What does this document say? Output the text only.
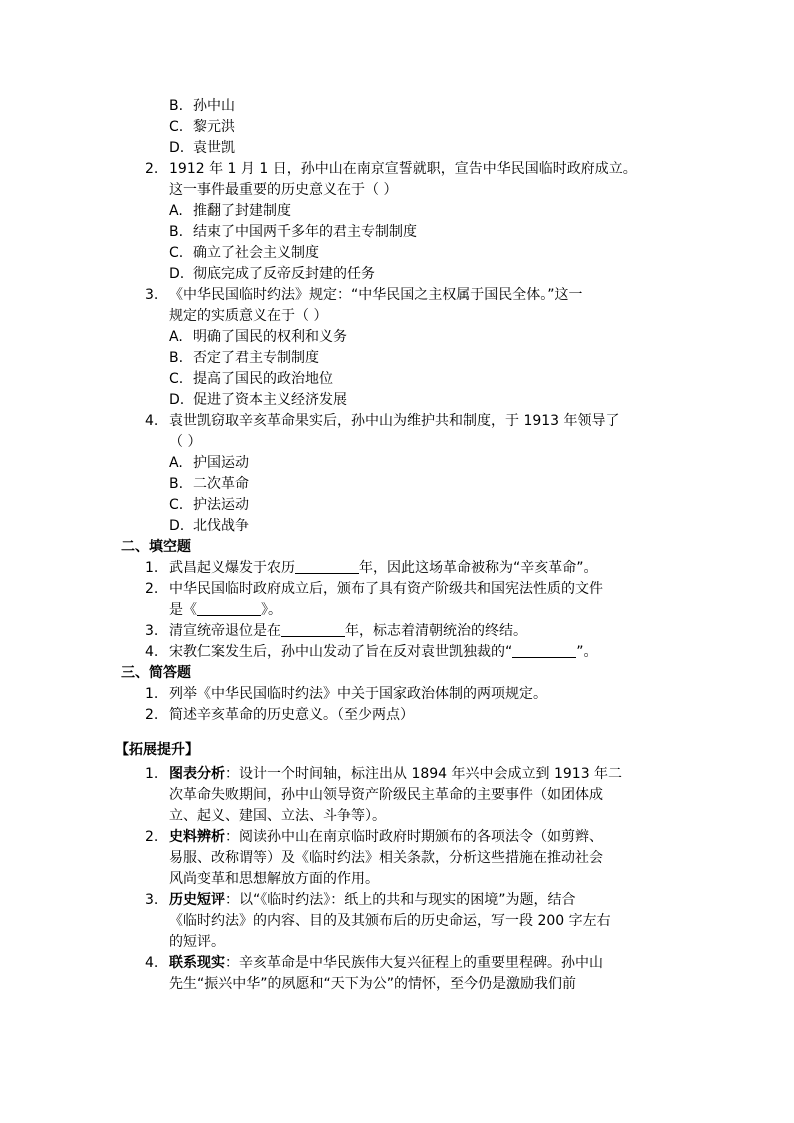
B. 孙中山
C. 黎元洪
D. 袁世凯
2. 1912 年 1 月 1 日，孙中山在南京宣誓就职，宣告中华民国临时政府成立。
这一事件最重要的历史意义在于（ ）
A. 推翻了封建制度
B. 结束了中国两千多年的君主专制制度
C. 确立了社会主义制度
D. 彻底完成了反帝反封建的任务
3. 《中华民国临时约法》规定：“中华民国之主权属于国民全体。”这一
规定的实质意义在于（ ）
A. 明确了国民的权利和义务
B. 否定了君主专制制度
C. 提高了国民的政治地位
D. 促进了资本主义经济发展
4. 袁世凯窃取辛亥革命果实后，孙中山为维护共和制度，于 1913 年领导了
（ ）
A. 护国运动
B. 二次革命
C. 护法运动
D. 北伐战争
二、填空题
1. 武昌起义爆发于农历	年，因此这场革命被称为“辛亥革命”。
2. 中华民国临时政府成立后，颁布了具有资产阶级共和国宪法性质的文件
是《	》。
3. 清宣统帝退位是在	年，标志着清朝统治的终结。
4. 宋教仁案发生后，孙中山发动了旨在反对袁世凯独裁的“	”。
三、简答题
1. 列举《中华民国临时约法》中关于国家政治体制的两项规定。
2. 简述辛亥革命的历史意义。（至少两点）
【拓展提升】
1. 图表分析：设计一个时间轴，标注出从 1894 年兴中会成立到 1913 年二
次革命失败期间，孙中山领导资产阶级民主革命的主要事件（如团体成
立、起义、建国、立法、斗争等）。
2. 史料辨析：阅读孙中山在南京临时政府时期颁布的各项法令（如剪辫、
易服、改称谓等）及《临时约法》相关条款，分析这些措施在推动社会
风尚变革和思想解放方面的作用。
3. 历史短评：以“《临时约法》：纸上的共和与现实的困境”为题，结合
《临时约法》的内容、目的及其颁布后的历史命运，写一段 200 字左右
的短评。
4. 联系现实：辛亥革命是中华民族伟大复兴征程上的重要里程碑。孙中山
先生“振兴中华”的夙愿和“天下为公”的情怀，至今仍是激励我们前
